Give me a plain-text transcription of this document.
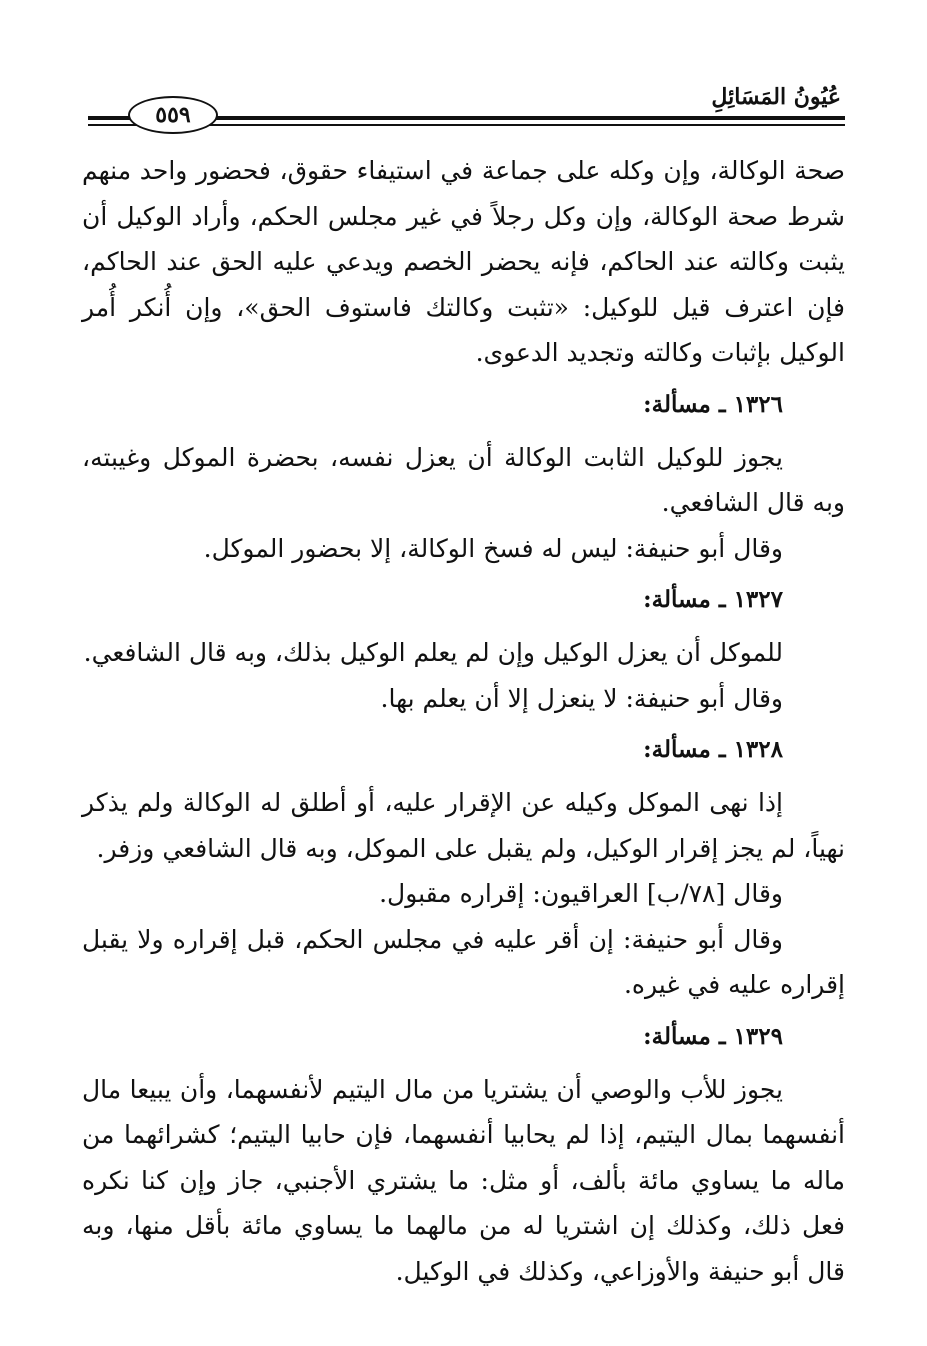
عُيُونُ المَسَائِلِ
٥٥٩

صحة الوكالة، وإن وكله على جماعة في استيفاء حقوق، فحضور واحد منهم شرط صحة الوكالة، وإن وكل رجلاً في غير مجلس الحكم، وأراد الوكيل أن يثبت وكالته عند الحاكم، فإنه يحضر الخصم ويدعي عليه الحق عند الحاكم، فإن اعترف قيل للوكيل: «تثبت وكالتك فاستوف الحق»، وإن أُنكر أُمر الوكيل بإثبات وكالته وتجديد الدعوى.

١٣٢٦ ـ مسألة:

يجوز للوكيل الثابت الوكالة أن يعزل نفسه، بحضرة الموكل وغيبته، وبه قال الشافعي.

وقال أبو حنيفة: ليس له فسخ الوكالة، إلا بحضور الموكل.

١٣٢٧ ـ مسألة:

للموكل أن يعزل الوكيل وإن لم يعلم الوكيل بذلك، وبه قال الشافعي.

وقال أبو حنيفة: لا ينعزل إلا أن يعلم بها.

١٣٢٨ ـ مسألة:

إذا نهى الموكل وكيله عن الإقرار عليه، أو أطلق له الوكالة ولم يذكر نهياً، لم يجز إقرار الوكيل، ولم يقبل على الموكل، وبه قال الشافعي وزفر.

وقال [٧٨/ب] العراقيون: إقراره مقبول.

وقال أبو حنيفة: إن أقر عليه في مجلس الحكم، قبل إقراره ولا يقبل إقراره عليه في غيره.

١٣٢٩ ـ مسألة:

يجوز للأب والوصي أن يشتريا من مال اليتيم لأنفسهما، وأن يبيعا مال أنفسهما بمال اليتيم، إذا لم يحابيا أنفسهما، فإن حابيا اليتيم؛ كشرائهما من ماله ما يساوي مائة بألف، أو مثل: ما يشتري الأجنبي، جاز وإن كنا نكره فعل ذلك، وكذلك إن اشتريا له من مالهما ما يساوي مائة بأقل منها، وبه قال أبو حنيفة والأوزاعي، وكذلك في الوكيل.
